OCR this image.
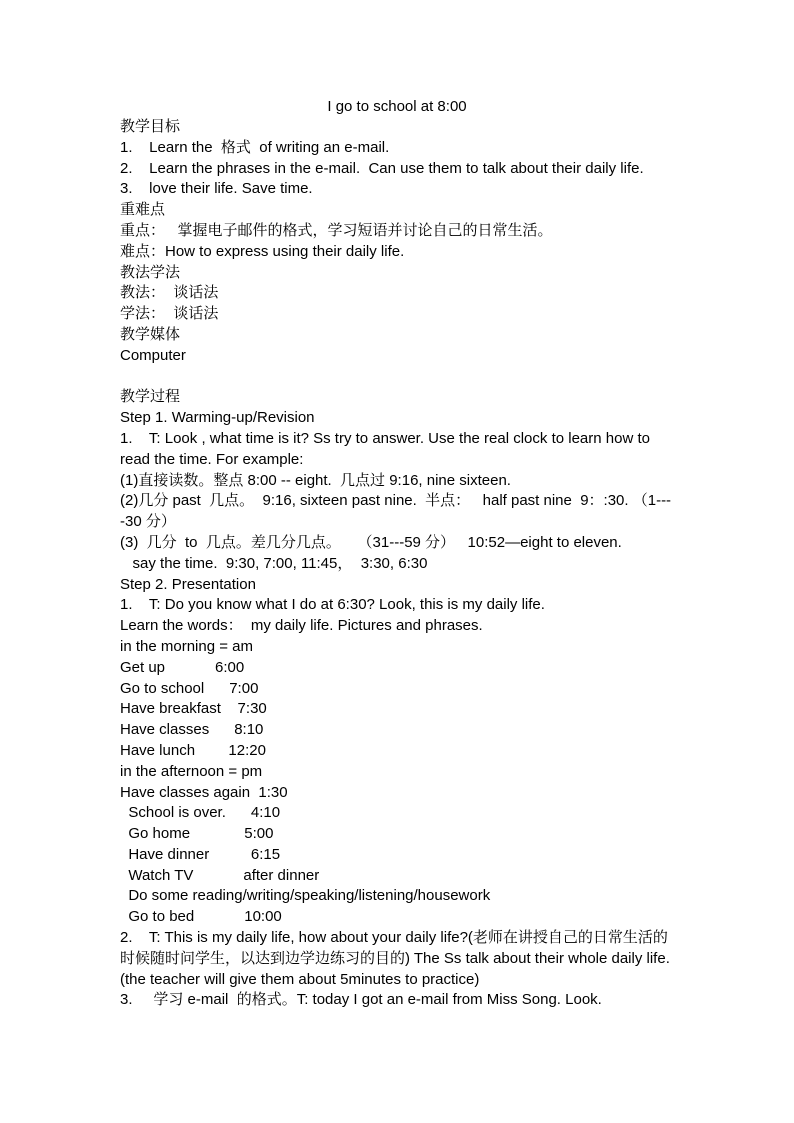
I go to school at 8:00

教学目标

1.    Learn the  格式  of writing an e-mail.

2.    Learn the phrases in the e-mail.  Can use them to talk about their daily life.

3.    love their life. Save time.

重难点

重点：   掌握电子邮件的格式，学习短语并讨论自己的日常生活。

难点：How to express using their daily life.

教法学法

教法：  谈话法

学法：  谈话法

教学媒体

Computer

教学过程

Step 1. Warming-up/Revision

1.    T: Look , what time is it? Ss try to answer. Use the real clock to learn how to read the time. For example:

(1)直接读数。整点 8:00 -- eight.  几点过 9:16, nine sixteen.

(2)几分 past  几点。  9:16, sixteen past nine.  半点：   half past nine  9：:30. （1----30 分）

(3)  几分  to  几点。差几分几点。    （31---59 分）   10:52—eight to eleven.

say the time.  9:30, 7:00, 11:45，  3:30, 6:30

Step 2. Presentation

1.    T: Do you know what I do at 6:30? Look, this is my daily life.

Learn the words：  my daily life. Pictures and phrases.

in the morning = am

Get up            6:00

Go to school      7:00

Have breakfast    7:30

Have classes      8:10

Have lunch        12:20

in the afternoon = pm

Have classes again  1:30

School is over.      4:10

Go home             5:00

Have dinner          6:15

Watch TV            after dinner

Do some reading/writing/speaking/listening/housework

Go to bed            10:00

2.    T: This is my daily life, how about your daily life?(老师在讲授自己的日常生活的时候随时问学生，以达到边学边练习的目的) The Ss talk about their whole daily life.(the teacher will give them about 5minutes to practice)

3.     学习 e-mail  的格式。T: today I got an e-mail from Miss Song. Look.
